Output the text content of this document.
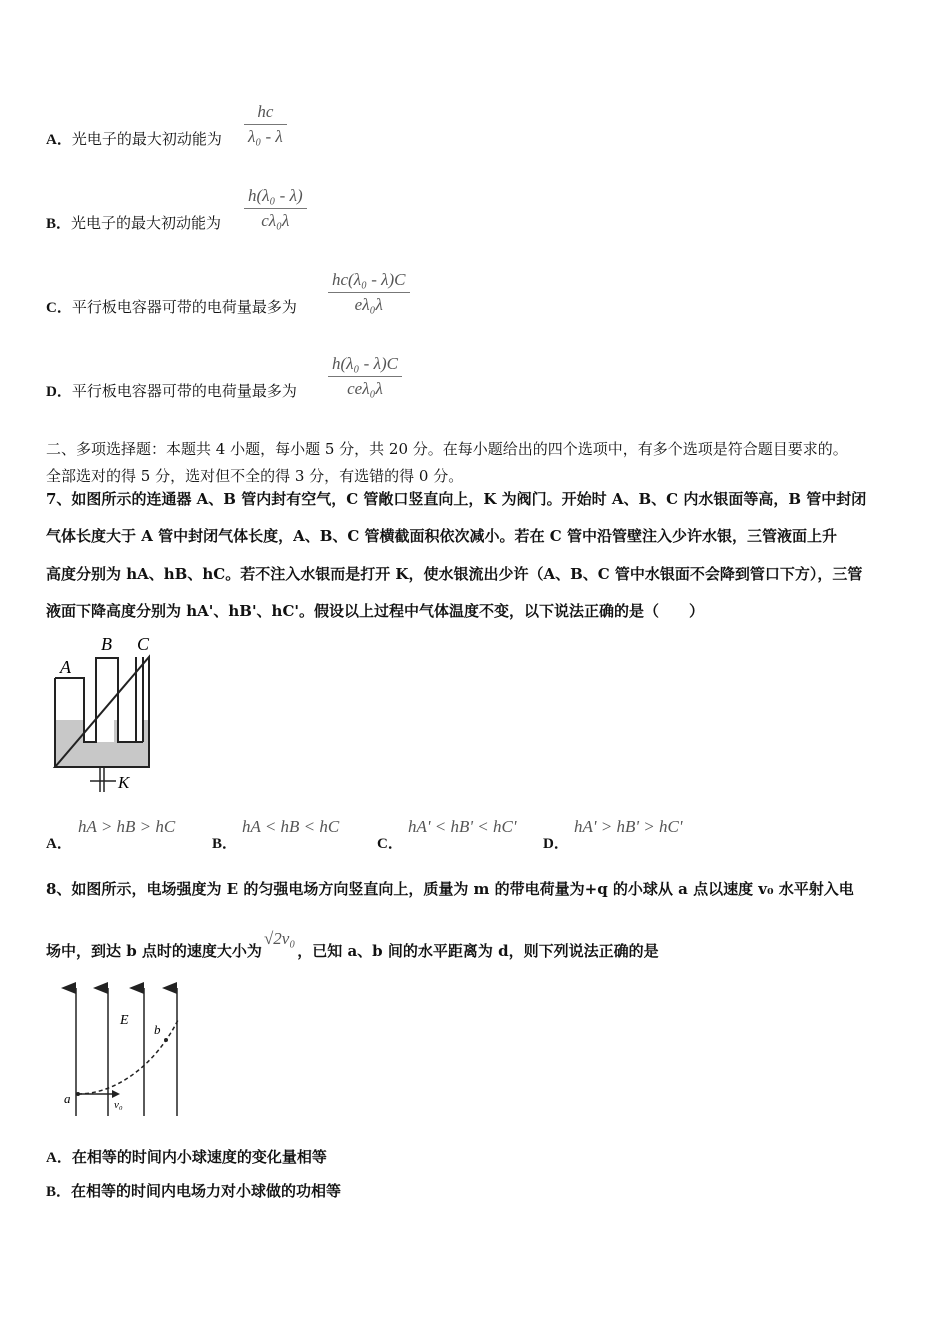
A．光电子的最大初动能为
hc
λ₀ - λ
B．光电子的最大初动能为
h(λ₀ - λ)
cλ₀λ
C．平行板电容器可带的电荷量最多为
hc(λ₀ - λ)C
eλ₀λ
D．平行板电容器可带的电荷量最多为
h(λ₀ - λ)C
ceλ₀λ
二、多项选择题：本题共 4 小题，每小题 5 分，共 20 分。在每小题给出的四个选项中，有多个选项是符合题目要求的。
全部选对的得 5 分，选对但不全的得 3 分，有选错的得 0 分。
7、如图所示的连通器 A、B 管内封有空气，C 管敞口竖直向上，K 为阀门。开始时 A、B、C 内水银面等高，B 管中封闭
气体长度大于 A 管中封闭气体长度，A、B、C 管横截面积依次减小。若在 C 管中沿管壁注入少许水银，三管液面上升
高度分别为 hA、hB、hC。若不注入水银而是打开 K，使水银流出少许（A、B、C 管中水银面不会降到管口下方），三管
液面下降高度分别为 hA'、hB'、hC'。假设以上过程中气体温度不变，以下说法正确的是（　　）
A
B C
K
A．
hA > hB > hC
B．
hA < hB < hC
C．
hA' < hB' < hC'
D．
hA' > hB' > hC'
8、如图所示，电场强度为 E 的匀强电场方向竖直向上，质量为 m 的带电荷量为+q 的小球从 a 点以速度 v₀ 水平射入电
场中，到达 b 点时的速度大小为√2v₀，已知 a、b 间的水平距离为 d，则下列说法正确的是
E
a
b
v₀
A．在相等的时间内小球速度的变化量相等
B．在相等的时间内电场力对小球做的功相等
